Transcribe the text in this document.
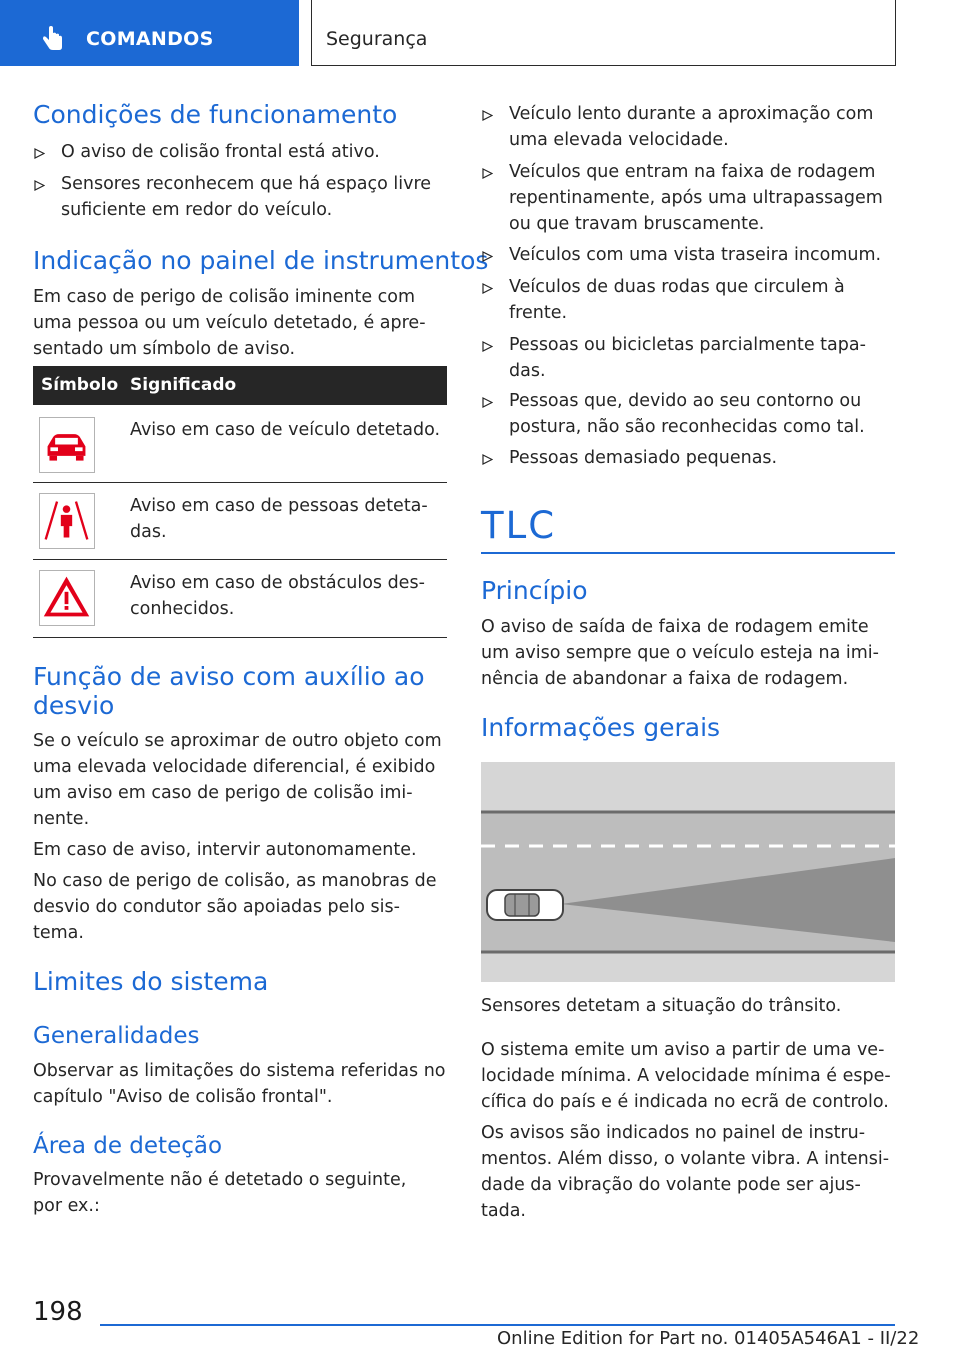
COMANDOS	Segurança
Condições de funcionamento
O aviso de colisão frontal está ativo.
Sensores reconhecem que há espaço livre suficiente em redor do veículo.
Indicação no painel de instrumentos

Em caso de perigo de colisão iminente com uma pessoa ou um veículo detetado, é apre-sentado um símbolo de aviso.

Símbolo Significado
Aviso em caso de veículo detetado.
Aviso em caso de pessoas deteta-das.
Aviso em caso de obstáculos des-conhecidos.
Função de aviso com auxílio ao desvio

Se o veículo se aproximar de outro objeto com uma elevada velocidade diferencial, é exibido um aviso em caso de perigo de colisão imi-nente.

Em caso de aviso, intervir autonomamente.

No caso de perigo de colisão, as manobras de desvio do condutor são apoiadas pelo sis-tema.

Limites do sistema
Generalidades

Observar as limitações do sistema referidas no capítulo "Aviso de colisão frontal".

Área de deteção

Provavelmente não é detetado o seguinte, por ex.:

Veículo lento durante a aproximação com uma elevada velocidade.
Veículos que entram na faixa de rodagem repentinamente, após uma ultrapassagem ou que travam bruscamente.
Veículos com uma vista traseira incomum.
Veículos de duas rodas que circulem à frente.
Pessoas ou bicicletas parcialmente tapa-das.
Pessoas que, devido ao seu contorno ou postura, não são reconhecidas como tal.
Pessoas demasiado pequenas.
TLC
Princípio

O aviso de saída de faixa de rodagem emite um aviso sempre que o veículo esteja na imi-nência de abandonar a faixa de rodagem.

Informações gerais

Sensores detetam a situação do trânsito.

O sistema emite um aviso a partir de uma ve-locidade mínima. A velocidade mínima é espe-cífica do país e é indicada no ecrã de controlo.

Os avisos são indicados no painel de instru-mentos. Além disso, o volante vibra. A intensi-dade da vibração do volante pode ser ajus-tada.

198
Online Edition for Part no. 01405A546A1 - II/22
